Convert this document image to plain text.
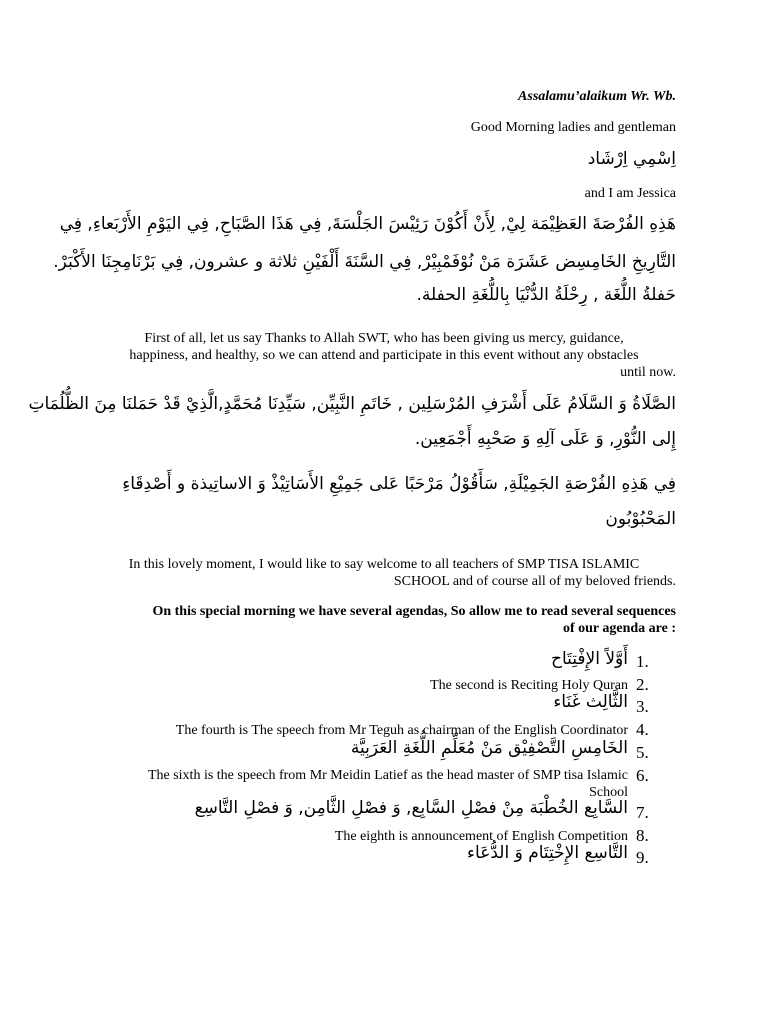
Assalamu’alaikum Wr. Wb.
Good Morning ladies and gentleman
اِسْمِي اِرْشَاد
and I am Jessica
هَذِهِ الفُرْصَةَ العَظِيْمَة لِيْ, لِأَنْ أَكُوْنَ رَئِيْسَ الجَلْسَةَ, فِي هَذَا الصَّبَاحِ, فِي اليَوْمِ الأَرْبَعاءِ, فِي
التَّارِيخِ الخَامِسِض عَشَرَة مَنْ نُوْفَمْبِيْرْ, فِي السَّنَةَ أَلْفَيْنِ ثلاثة و عشرون, فِي بَرْنَامِجِنَا الأَكْبَرْ.
حَفلةُ اللُّغَة , رِحْلَةُ الدُّنْيَا بِاللُّغَةِ الحفلة.
First of all, let us say Thanks to Allah SWT, who has been giving us mercy, guidance,
happiness, and healthy, so we can attend and participate in this event without any obstacles
until now.
الصَّلَاةُ وَ السَّلَامُ عَلَى أَشْرَفِ المُرْسَلِين , خَاتَمِ النَّبِيِّن, سَيِّدِنَا مُحَمَّدٍ,الَّذِيْ قَدْ حَمَلنَا مِنَ الظُّلُمَاتِ
إِلى النُّوْرِ, وَ عَلَى آلِهِ وَ صَحْبِهِ أَجْمَعِين.
فِي هَذِهِ الفُرْصَةِ الجَمِيْلَةِ, سَأَقُوْلُ مَرْحَبًا عَلى جَمِيْعِ الأَسَاتِيْذْ وَ الاساتِيذة و أَصْدِقَاءِ
المَحْبُوْبُون
In this lovely moment, I would like to say welcome to all teachers of SMP TISA ISLAMIC
SCHOOL and of course all of my beloved friends.
On this special morning we have several agendas, So allow me to read several sequences
of our agenda are :
1.
أَوَّلاً الإِفْتِتَاح
2.
The second is Reciting Holy Quran
3.
الثَّالِث غَنَاء
4.
The fourth is The speech from Mr Teguh as chairman of the English Coordinator
5.
الخَامِسِ التَّصْفِيْق مَنْ مُعَلِّمِ اللُّغَةِ العَرَبِيَّة
6.
The sixth is the speech from Mr Meidin Latief as the head master of SMP tisa Islamic
School
7.
السَّابِع الخُطْبَة مِنْ فصْلِ السَّابِع, وَ فصْلِ الثَّامِن, وَ فصْلِ التَّاسِع
8.
The eighth is announcement of English Competition
9.
التَّاسِع الإِخْتِتَام وَ الدُّعَاء
